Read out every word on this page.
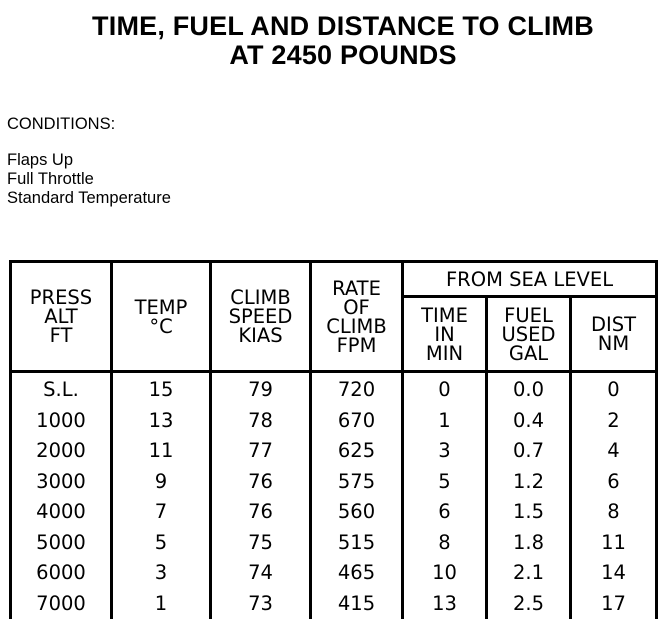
TIME, FUEL AND DISTANCE TO CLIMB
AT 2450 POUNDS
CONDITIONS:
Flaps Up
Full Throttle
Standard Temperature
PRESS
ALT
FT	TEMP
°C	CLIMB
SPEED
KIAS	RATE
OF
CLIMB
FPM	FROM SEA LEVEL		

				TIME
IN
MIN	FUEL
USED
GAL	DIST
NM

S.L.	15	79	720	0	0.0	0
1000	13	78	670	1	0.4	2
2000	11	77	625	3	0.7	4
3000	9	76	575	5	1.2	6
4000	7	76	560	6	1.5	8
5000	5	75	515	8	1.8	11
6000	3	74	465	10	2.1	14
7000	1	73	415	13	2.5	17
